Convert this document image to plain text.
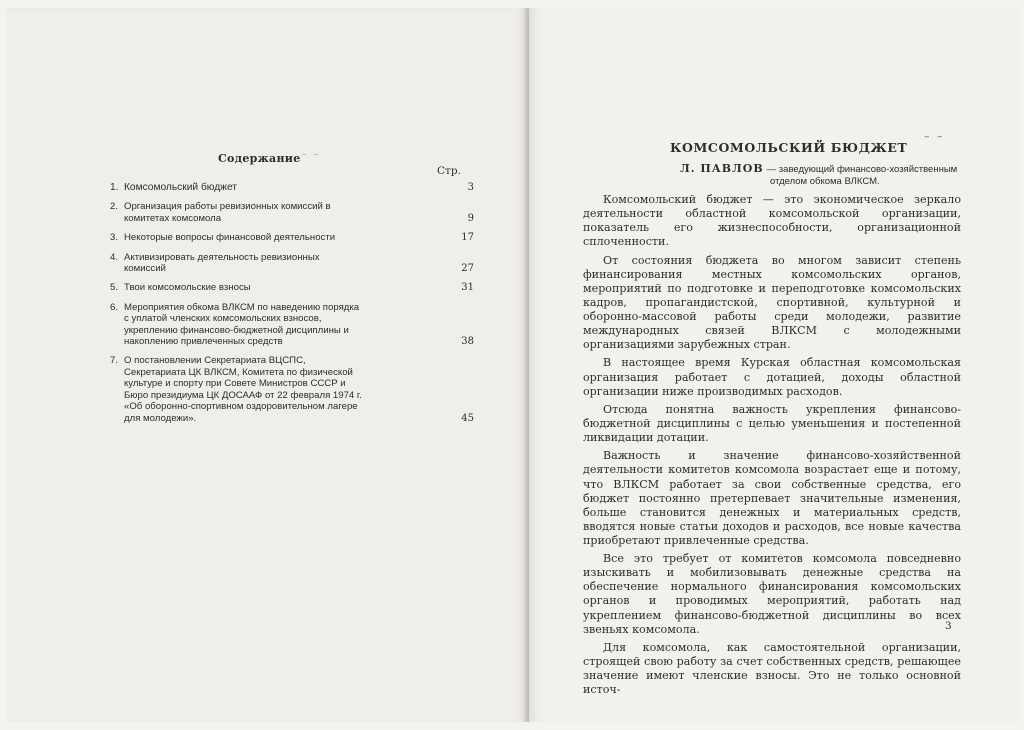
– –
Содержание
Стр.
1. Комсомольский бюджет	3
2. Организация работы ревизионных комиссий в комитетах комсомола	9
3. Некоторые вопросы финансовой деятельности	17
4. Активизировать деятельность ревизионных комиссий	27
5. Твои комсомольские взносы	31
6. Мероприятия обкома ВЛКСМ по наведению порядка с уплатой членских комсомольских взносов, укреплению финансово-бюджетной дисциплины и накоплению привлеченных средств	38
7. О постановлении Секретариата ВЦСПС, Секретариата ЦК ВЛКСМ, Комитета по физической культуре и спорту при Совете Министров СССР и Бюро президиума ЦК ДОСААФ от 22 февраля 1974 г. «Об оборонно-спортивном оздоровительном лагере для молодежи».	45
– –
КОМСОМОЛЬСКИЙ БЮДЖЕТ
Л. ПАВЛОВ — заведующий финансово-хозяйственным
отделом обкома ВЛКСМ.

Комсомольский бюджет — это экономическое зеркало деятельности областной комсомольской организации, показатель его жизнеспособности, организационной сплоченности.

От состояния бюджета во многом зависит степень финансирования местных комсомольских органов, мероприятий по подготовке и переподготовке комсомольских кадров, пропагандистской, спортивной, культурной и оборонно-массовой работы среди молодежи, развитие международных связей ВЛКСМ с молодежными организациями зарубежных стран.

В настоящее время Курская областная комсомольская организация работает с дотацией, доходы областной организации ниже производимых расходов.

Отсюда понятна важность укрепления финансово-бюджетной дисциплины с целью уменьшения и постепенной ликвидации дотации.

Важность и значение финансово-хозяйственной деятельности комитетов комсомола возрастает еще и потому, что ВЛКСМ работает за свои собственные средства, его бюджет постоянно претерпевает значительные изменения, больше становится денежных и материальных средств, вводятся новые статьи доходов и расходов, все новые качества приобретают привлеченные средства.

Все это требует от комитетов комсомола повседневно изыскивать и мобилизовывать денежные средства на обеспечение нормального финансирования комсомольских органов и проводимых мероприятий, работать над укреплением финансово-бюджетной дисциплины во всех звеньях комсомола.

Для комсомола, как самостоятельной организации, строящей свою работу за счет собственных средств, решающее значение имеют членские взносы. Это не только основной источ-

3
